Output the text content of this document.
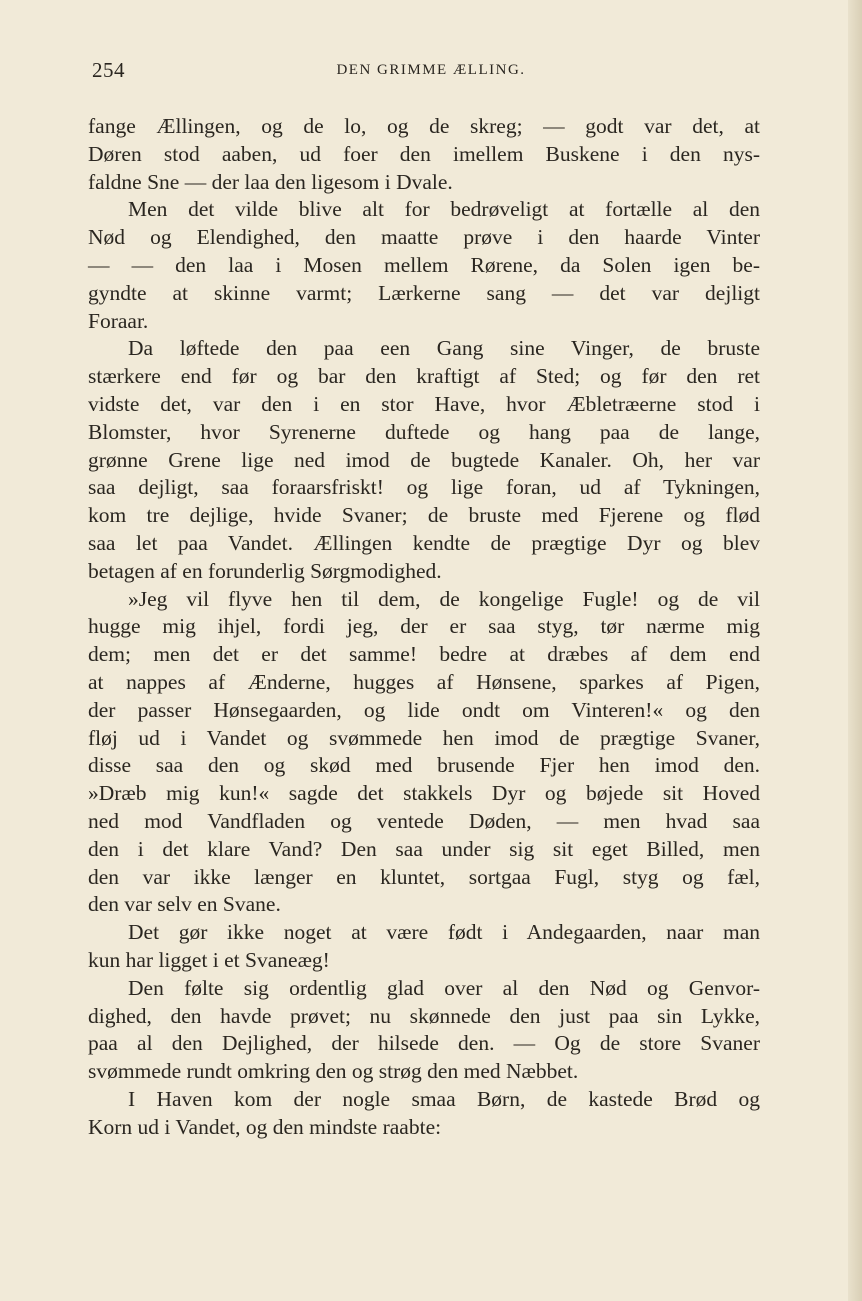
254	DEN GRIMME ÆLLING.
fange Ællingen, og de lo, og de skreg; — godt var det, at
Døren stod aaben, ud foer den imellem Buskene i den nys-
faldne Sne — der laa den ligesom i Dvale.
Men det vilde blive alt for bedrøveligt at fortælle al den
Nød og Elendighed, den maatte prøve i den haarde Vinter
— — den laa i Mosen mellem Rørene, da Solen igen be-
gyndte at skinne varmt; Lærkerne sang — det var dejligt
Foraar.
Da løftede den paa een Gang sine Vinger, de bruste
stærkere end før og bar den kraftigt af Sted; og før den ret
vidste det, var den i en stor Have, hvor Æbletræerne stod i
Blomster, hvor Syrenerne duftede og hang paa de lange,
grønne Grene lige ned imod de bugtede Kanaler. Oh, her var
saa dejligt, saa foraarsfriskt! og lige foran, ud af Tykningen,
kom tre dejlige, hvide Svaner; de bruste med Fjerene og flød
saa let paa Vandet. Ællingen kendte de prægtige Dyr og blev
betagen af en forunderlig Sørgmodighed.
»Jeg vil flyve hen til dem, de kongelige Fugle! og de vil
hugge mig ihjel, fordi jeg, der er saa styg, tør nærme mig
dem; men det er det samme! bedre at dræbes af dem end
at nappes af Ænderne, hugges af Hønsene, sparkes af Pigen,
der passer Hønsegaarden, og lide ondt om Vinteren!« og den
fløj ud i Vandet og svømmede hen imod de prægtige Svaner,
disse saa den og skød med brusende Fjer hen imod den.
»Dræb mig kun!« sagde det stakkels Dyr og bøjede sit Hoved
ned mod Vandfladen og ventede Døden, — men hvad saa
den i det klare Vand? Den saa under sig sit eget Billed, men
den var ikke længer en kluntet, sortgaa Fugl, styg og fæl,
den var selv en Svane.
Det gør ikke noget at være født i Andegaarden, naar man
kun har ligget i et Svaneæg!
Den følte sig ordentlig glad over al den Nød og Genvor-
dighed, den havde prøvet; nu skønnede den just paa sin Lykke,
paa al den Dejlighed, der hilsede den. — Og de store Svaner
svømmede rundt omkring den og strøg den med Næbbet.
I Haven kom der nogle smaa Børn, de kastede Brød og
Korn ud i Vandet, og den mindste raabte:
